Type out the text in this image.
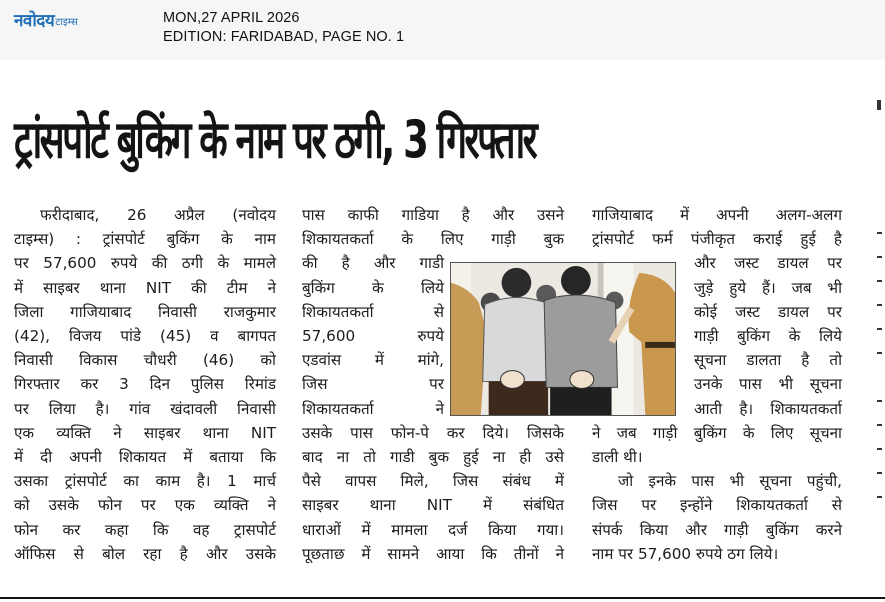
नवोदय टाइम्स	MON,27 APRIL 2026
EDITION: FARIDABAD, PAGE NO. 1
ट्रांसपोर्ट बुकिंग के नाम पर ठगी, 3 गिरफ्तार

फरीदाबाद, 26 अप्रैल (नवोदय

टाइम्स) : ट्रांसपोर्ट बुकिंग के नाम

पर 57,600 रुपये की ठगी के मामले

में साइबर थाना NIT की टीम ने

जिला गाजियाबाद निवासी राजकुमार

(42), विजय पांडे (45) व बागपत

निवासी विकास चौधरी (46) को

गिरफ्तार कर 3 दिन पुलिस रिमांड

पर लिया है। गांव खंदावली निवासी

एक व्यक्ति ने साइबर थाना NIT

में दी अपनी शिकायत में बताया कि

उसका ट्रांसपोर्ट का काम है। 1 मार्च

को उसके फोन पर एक व्यक्ति ने

फोन कर कहा कि वह ट्रासपोर्ट

ऑफिस से बोल रहा है और उसके

पास काफी गाडिया है और उसने

शिकायतकर्ता के लिए गाड़ी बुक

की है और गाडी

बुकिंग के लिये

शिकायतकर्ता से

57,600 रुपये

एडवांस में मांगे,

जिस पर

शिकायतकर्ता ने

उसके पास फोन-पे कर दिये। जिसके

बाद ना तो गाडी बुक हुई ना ही उसे

पैसे वापस मिले, जिस संबंध में

साइबर थाना NIT में संबंधित

धाराओं में मामला दर्ज किया गया।

पूछताछ में सामने आया कि तीनों ने

गाजियाबाद में अपनी अलग-अलग

ट्रांसपोर्ट फर्म पंजीकृत कराई हुई है

और जस्ट डायल पर

जुड़े हुये हैं। जब भी

कोई जस्ट डायल पर

गाड़ी बुकिंग के लिये

सूचना डालता है तो

उनके पास भी सूचना

आती है। शिकायतकर्ता

ने जब गाड़ी बुकिंग के लिए सूचना

डाली थी।

जो इनके पास भी सूचना पहुंची,

जिस पर इन्होंने शिकायतकर्ता से

संपर्क किया और गाड़ी बुकिंग करने

नाम पर 57,600 रुपये ठग लिये।
